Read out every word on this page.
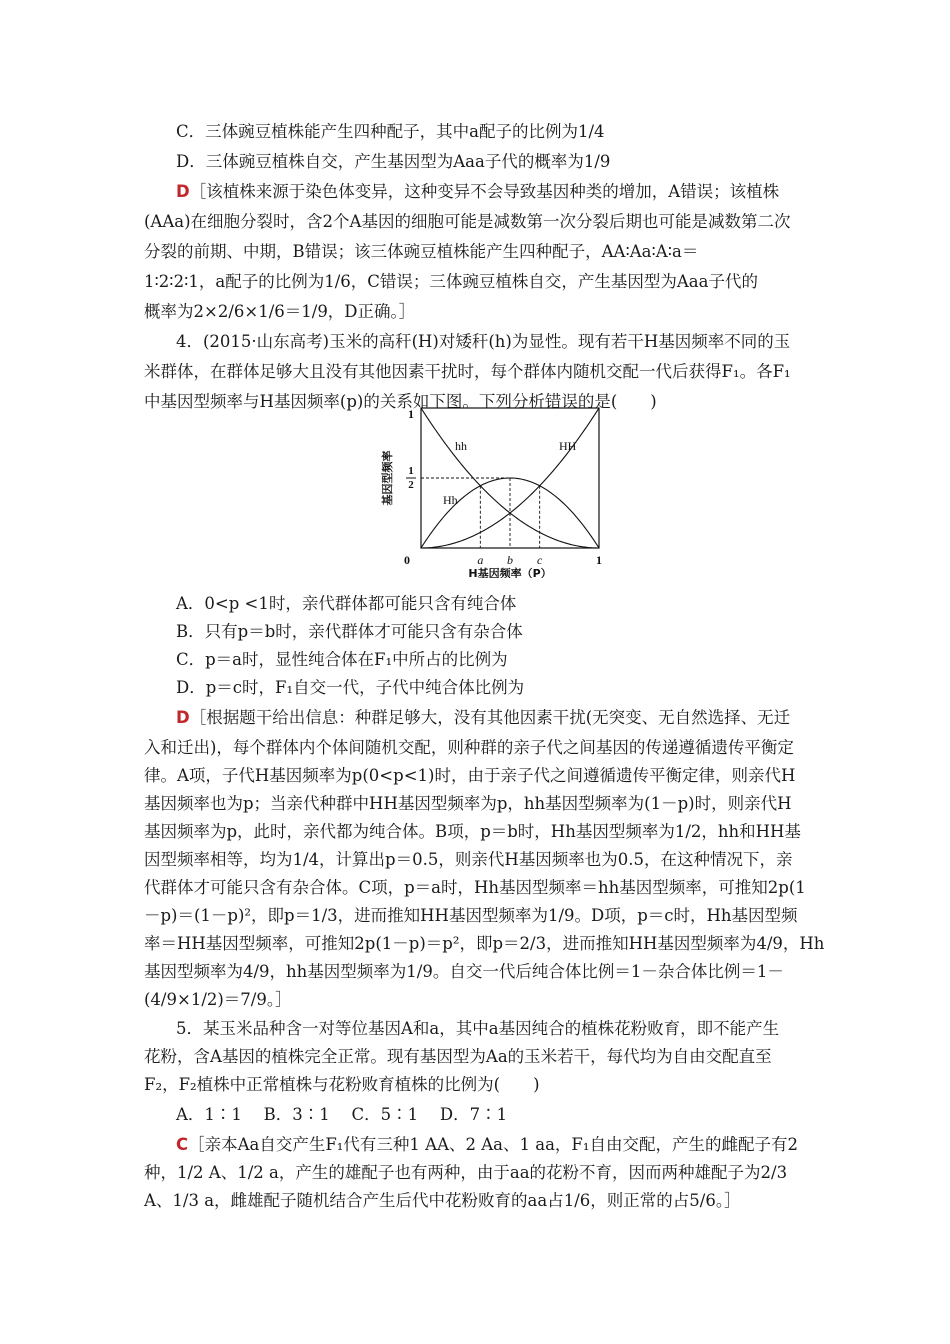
C．三体豌豆植株能产生四种配子，其中a配子的比例为1/4
D．三体豌豆植株自交，产生基因型为Aaa子代的概率为1/9
D［该植株来源于染色体变异，这种变异不会导致基因种类的增加，A错误；该植株
(AAa)在细胞分裂时，含2个A基因的细胞可能是减数第一次分裂后期也可能是减数第二次
分裂的前期、中期，B错误；该三体豌豆植株能产生四种配子，AA∶Aa∶A∶a＝
1∶2∶2∶1，a配子的比例为1/6，C错误；三体豌豆植株自交，产生基因型为Aaa子代的
概率为2×2/6×1/6＝1/9，D正确。］
4．(2015·山东高考)玉米的高秆(H)对矮秆(h)为显性。现有若干H基因频率不同的玉
米群体，在群体足够大且没有其他因素干扰时，每个群体内随机交配一代后获得F₁。各F₁
中基因型频率与H基因频率(p)的关系如下图。下列分析错误的是(　　)
0	a b c	1
1
1
2
基因型频率
H基因频率（P）
hh
Hh
HH
A．0<p <1时，亲代群体都可能只含有纯合体
B．只有p＝b时，亲代群体才可能只含有杂合体
C．p＝a时，显性纯合体在F₁中所占的比例为
D．p＝c时，F₁自交一代，子代中纯合体比例为
D［根据题干给出信息：种群足够大，没有其他因素干扰(无突变、无自然选择、无迁
入和迁出)，每个群体内个体间随机交配，则种群的亲子代之间基因的传递遵循遗传平衡定
律。A项，子代H基因频率为p(0<p<1)时，由于亲子代之间遵循遗传平衡定律，则亲代H
基因频率也为p；当亲代种群中HH基因型频率为p，hh基因型频率为(1－p)时，则亲代H
基因频率为p，此时，亲代都为纯合体。B项，p＝b时，Hh基因型频率为1/2，hh和HH基
因型频率相等，均为1/4，计算出p＝0.5，则亲代H基因频率也为0.5，在这种情况下，亲
代群体才可能只含有杂合体。C项，p＝a时，Hh基因型频率＝hh基因型频率，可推知2p(1
－p)＝(1－p)²，即p＝1/3，进而推知HH基因型频率为1/9。D项，p＝c时，Hh基因型频
率＝HH基因型频率，可推知2p(1－p)＝p²，即p＝2/3，进而推知HH基因型频率为4/9，Hh
基因型频率为4/9，hh基因型频率为1/9。自交一代后纯合体比例＝1－杂合体比例＝1－
(4/9×1/2)＝7/9。］
5．某玉米品种含一对等位基因A和a，其中a基因纯合的植株花粉败育，即不能产生
花粉，含A基因的植株完全正常。现有基因型为Aa的玉米若干，每代均为自由交配直至
F₂，F₂植株中正常植株与花粉败育植株的比例为(　　)
A．1∶1　 B．3∶1　 C．5∶1　 D．7∶1
C［亲本Aa自交产生F₁代有三种1 AA、2 Aa、1 aa，F₁自由交配，产生的雌配子有2
种，1/2 A、1/2 a，产生的雄配子也有两种，由于aa的花粉不育，因而两种雄配子为2/3
A、1/3 a，雌雄配子随机结合产生后代中花粉败育的aa占1/6，则正常的占5/6。］
